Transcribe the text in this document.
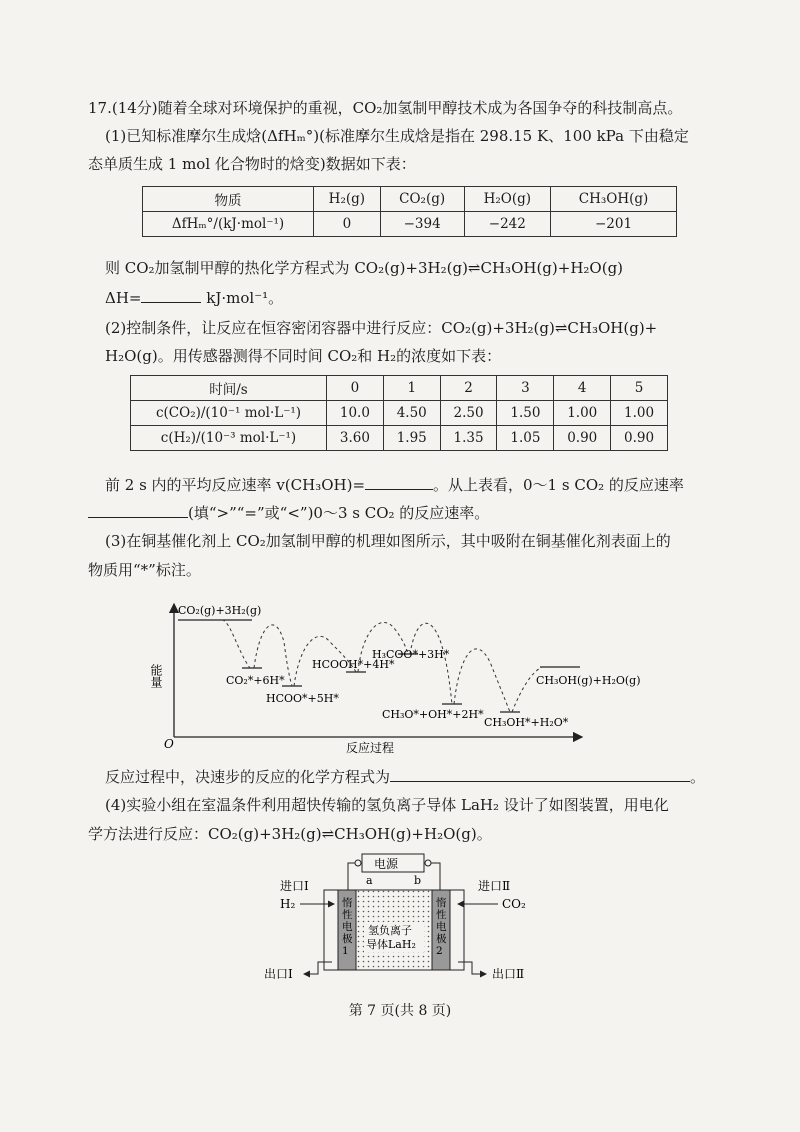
17.(14分)随着全球对环境保护的重视，CO₂加氢制甲醇技术成为各国争夺的科技制高点。
(1)已知标准摩尔生成焓(ΔfHₘ°)(标准摩尔生成焓是指在 298.15 K、100 kPa 下由稳定
态单质生成 1 mol 化合物时的焓变)数据如下表：
物质	H₂(g)	CO₂(g)	H₂O(g)	CH₃OH(g)
ΔfHₘ°/(kJ·mol⁻¹)	0	−394	−242	−201
则 CO₂加氢制甲醇的热化学方程式为 CO₂(g)+3H₂(g)⇌CH₃OH(g)+H₂O(g)
ΔH=	kJ·mol⁻¹。
(2)控制条件，让反应在恒容密闭容器中进行反应：CO₂(g)+3H₂(g)⇌CH₃OH(g)+
H₂O(g)。用传感器测得不同时间 CO₂和 H₂的浓度如下表：
时间/s	0	1	2	3	4	5
c(CO₂)/(10⁻¹ mol·L⁻¹)	10.0	4.50	2.50	1.50	1.00	1.00
c(H₂)/(10⁻³ mol·L⁻¹)	3.60	1.95	1.35	1.05	0.90	0.90
前 2 s 内的平均反应速率 v(CH₃OH)=	。从上表看，0～1 s CO₂ 的反应速率
(填“>”“=”或“<”)0～3 s CO₂ 的反应速率。
(3)在铜基催化剂上 CO₂加氢制甲醇的机理如图所示，其中吸附在铜基催化剂表面上的
物质用“*”标注。
能量
O	反应过程
CO₂(g)+3H₂(g)
CO₂*+6H*
HCOO*+5H*
HCOOH*+4H*
H₃COO*+3H*
CH₃O*+OH*+2H*
CH₃OH*+H₂O*
CH₃OH(g)+H₂O(g)
反应过程中，决速步的反应的化学方程式为	。
(4)实验小组在室温条件利用超快传输的氢负离子导体 LaH₂ 设计了如图装置，用电化
学方法进行反应：CO₂(g)+3H₂(g)⇌CH₃OH(g)+H₂O(g)。
电源
a	b
惰性电极 1
惰性电极 2
氢负离子
导体LaH₂
进口Ⅰ	进口Ⅱ
H₂	CO₂
出口Ⅰ	出口Ⅱ
第 7 页(共 8 页)
